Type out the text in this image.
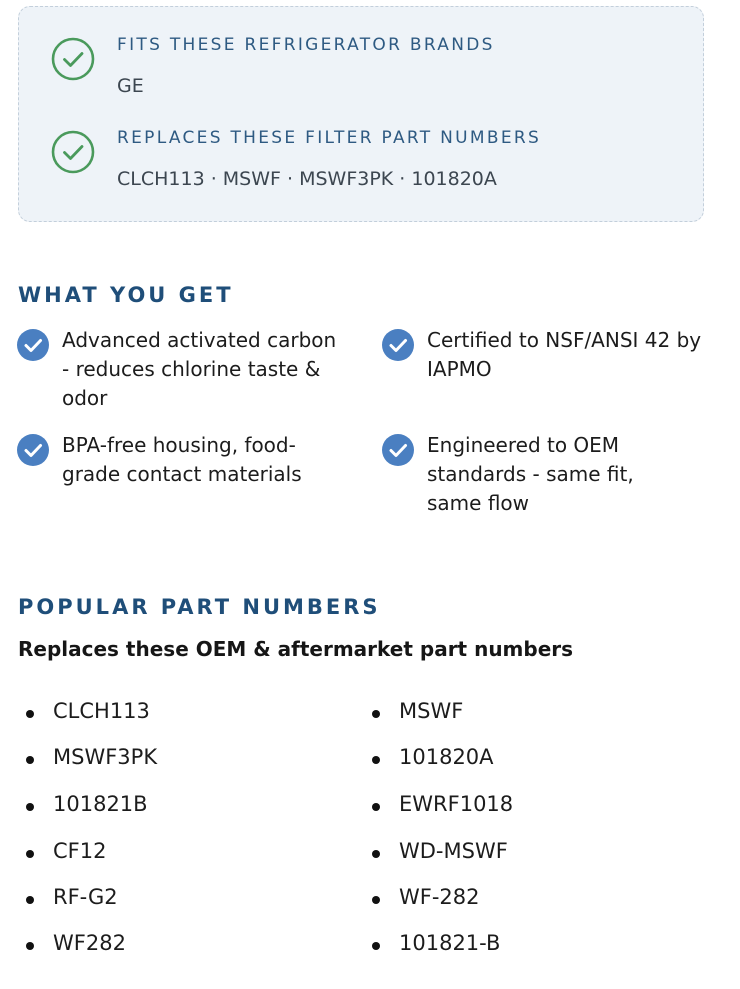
FITS THESE REFRIGERATOR BRANDS
GE
REPLACES THESE FILTER PART NUMBERS
CLCH113 · MSWF · MSWF3PK · 101820A
WHAT YOU GET
Advanced activated carbon - reduces chlorine taste & odor
Certified to NSF/ANSI 42 by IAPMO
BPA-free housing, food-grade contact materials
Engineered to OEM standards - same fit, same flow
POPULAR PART NUMBERS
Replaces these OEM & aftermarket part numbers
CLCH113
MSWF3PK
101821B
CF12
RF-G2
WF282
MSWF
101820A
EWRF1018
WD-MSWF
WF-282
101821-B
